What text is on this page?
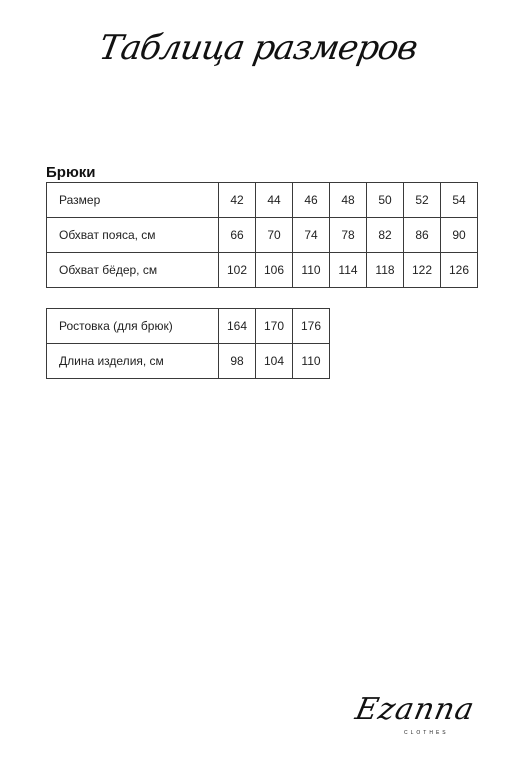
Таблица размеров
Брюки
Размер	42	44	46	48	50	52	54
Обхват пояса, см	66	70	74	78	82	86	90
Обхват бёдер, см	102	106	110	114	118	122	126
Ростовка (для брюк)	164	170	176
Длина изделия, см	98	104	110
Ezanna
CLOTHES
